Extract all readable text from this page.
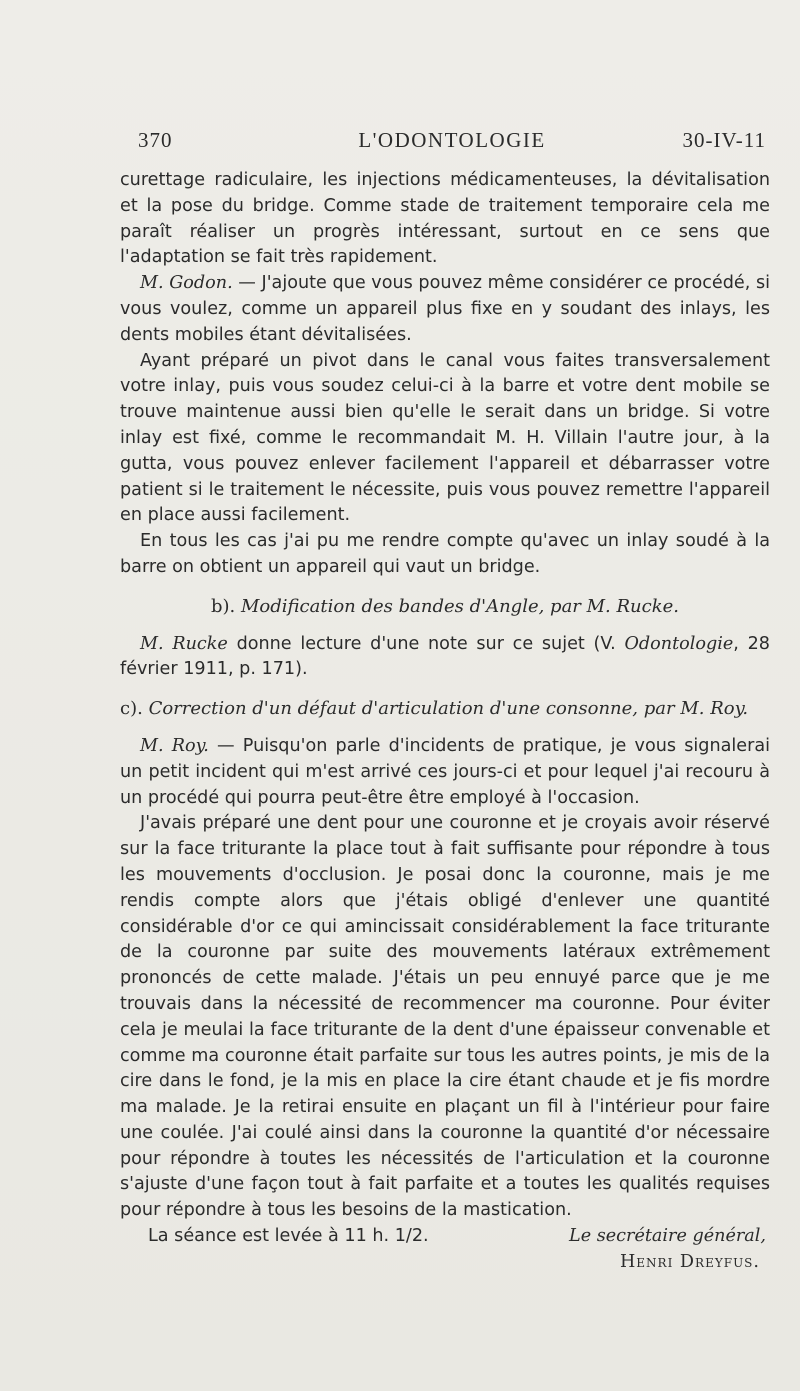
370	L'ODONTOLOGIE	30-IV-11

curettage radiculaire, les injections médicamenteuses, la dévitalisation et la pose du bridge. Comme stade de traitement temporaire cela me paraît réaliser un progrès intéressant, surtout en ce sens que l'adaptation se fait très rapidement.

M. Godon. — J'ajoute que vous pouvez même considérer ce procédé, si vous voulez, comme un appareil plus fixe en y soudant des inlays, les dents mobiles étant dévitalisées.

Ayant préparé un pivot dans le canal vous faites transversalement votre inlay, puis vous soudez celui-ci à la barre et votre dent mobile se trouve maintenue aussi bien qu'elle le serait dans un bridge. Si votre inlay est fixé, comme le recommandait M. H. Villain l'autre jour, à la gutta, vous pouvez enlever facilement l'appareil et débarrasser votre patient si le traitement le nécessite, puis vous pouvez remettre l'appareil en place aussi facilement.

En tous les cas j'ai pu me rendre compte qu'avec un inlay soudé à la barre on obtient un appareil qui vaut un bridge.

b). Modification des bandes d'Angle, par M. Rucke.

M. Rucke donne lecture d'une note sur ce sujet (V. Odontologie, 28 février 1911, p. 171).

c). Correction d'un défaut d'articulation d'une consonne, par M. Roy.

M. Roy. — Puisqu'on parle d'incidents de pratique, je vous signalerai un petit incident qui m'est arrivé ces jours-ci et pour lequel j'ai recouru à un procédé qui pourra peut-être être employé à l'occasion.

J'avais préparé une dent pour une couronne et je croyais avoir réservé sur la face triturante la place tout à fait suffisante pour répondre à tous les mouvements d'occlusion. Je posai donc la couronne, mais je me rendis compte alors que j'étais obligé d'enlever une quantité considérable d'or ce qui amincissait considérablement la face triturante de la couronne par suite des mouvements latéraux extrêmement prononcés de cette malade. J'étais un peu ennuyé parce que je me trouvais dans la nécessité de recommencer ma couronne. Pour éviter cela je meulai la face triturante de la dent d'une épaisseur convenable et comme ma couronne était parfaite sur tous les autres points, je mis de la cire dans le fond, je la mis en place la cire étant chaude et je fis mordre ma malade. Je la retirai ensuite en plaçant un fil à l'intérieur pour faire une coulée. J'ai coulé ainsi dans la couronne la quantité d'or nécessaire pour répondre à toutes les nécessités de l'articulation et la couronne s'ajuste d'une façon tout à fait parfaite et a toutes les qualités requises pour répondre à tous les besoins de la mastication.

La séance est levée à 11 h. 1/2.	Le secrétaire général,
Henri Dreyfus.
